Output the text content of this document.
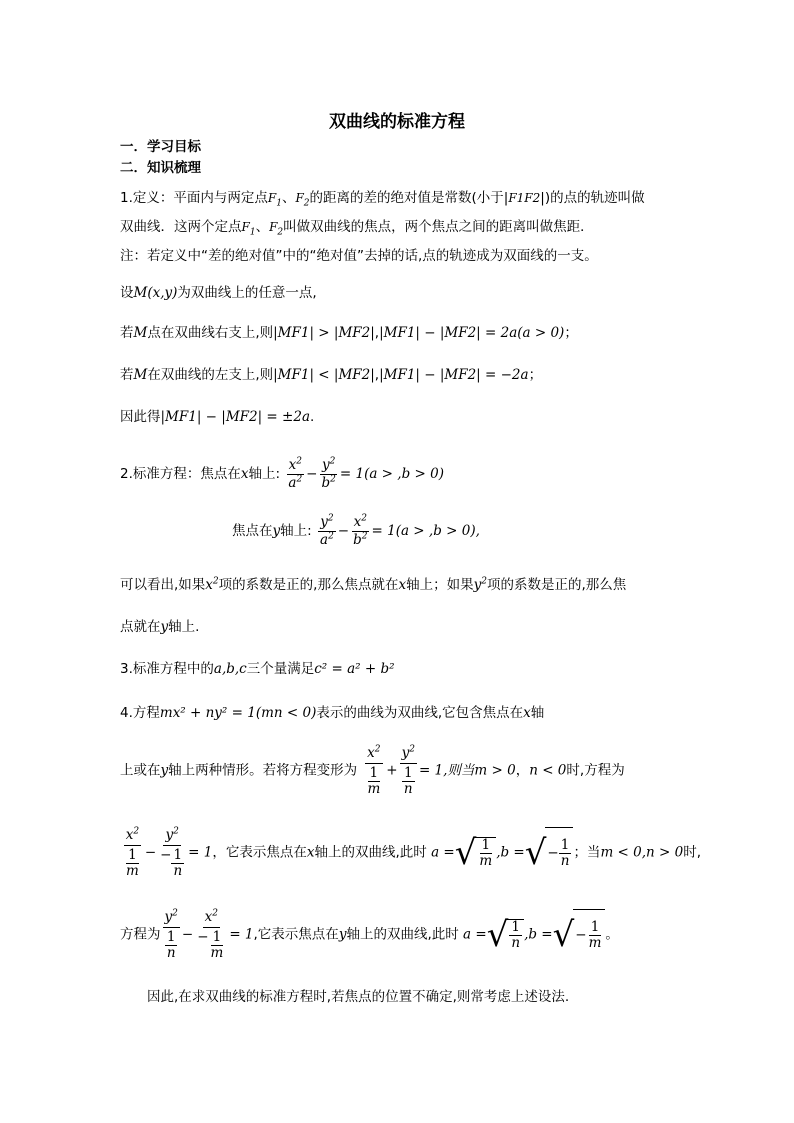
双曲线的标准方程
一．学习目标
二．知识梳理
1.定义：平面内与两定点$F_1$、$F_2$的距离的差的绝对值是常数(小于|F1F2|)的点的轨迹叫做
双曲线．这两个定点$F_1$、$F_2$叫做双曲线的焦点，两个焦点之间的距离叫做焦距．
注：若定义中“差的绝对值”中的“绝对值”去掉的话,点的轨迹成为双面线的一支。
设M(x,y)为双曲线上的任意一点,
若M点在双曲线右支上,则|MF1| > |MF2|,|MF1| − |MF2| = 2a(a > 0)；
若M在双曲线的左支上,则|MF1| < |MF2|,|MF1| − |MF2| = −2a；
因此得|MF1| − |MF2| = ±2a.
2.标准方程：焦点在x轴上: $\frac{x^2}{a^2} - \frac{y^2}{b^2} = 1(a > ,b > 0)$
焦点在y轴上: $\frac{y^2}{a^2} - \frac{x^2}{b^2} = 1(a > ,b > 0)$,
可以看出,如果$x^2$项的系数是正的,那么焦点就在x轴上；如果$y^2$项的系数是正的,那么焦
点就在y轴上.
3.标准方程中的a,b,c三个量满足c² = a² + b²
4.方程mx² + ny² = 1(mn < 0)表示的曲线为双曲线,它包含焦点在x轴
上或在y轴上两种情形。若将方程变形为 $\frac{x^2}{\frac{1}{m}} + \frac{y^2}{\frac{1}{n}} = 1$,则当m > 0，n < 0时,方程为
$\frac{x^2}{\frac{1}{m}} - \frac{y^2}{- \frac{1}{n}} = 1$，它表示焦点在x轴上的双曲线,此时 a = √ 1
m ,b = √ − $\frac{1}{n}$ ；当m < 0,n > 0时,
方程为 $\frac{y^2}{\frac{1}{n}} - \frac{x^2}{- \frac{1}{m}} = 1$,它表示焦点在y轴上的双曲线,此时 a = √ 1
n ,b = √ − $\frac{1}{m}$ 。
因此,在求双曲线的标准方程时,若焦点的位置不确定,则常考虑上述设法.
